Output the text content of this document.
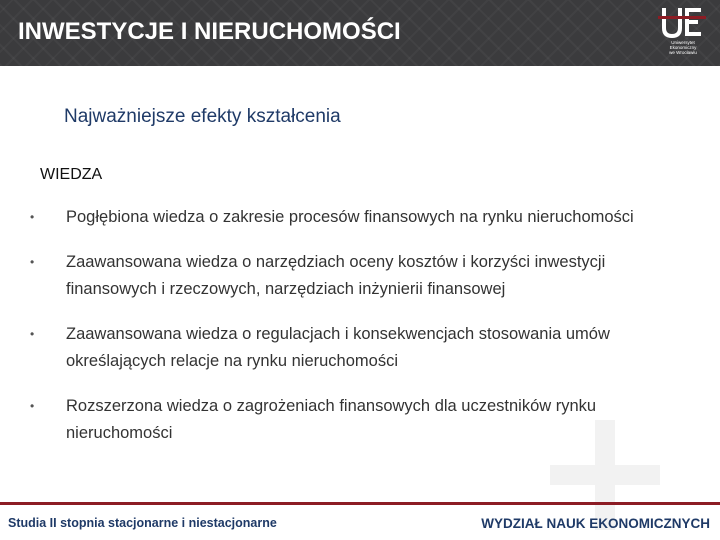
INWESTYCJE I NIERUCHOMOŚCI	Uniwersytet
Ekonomiczny
we Wrocławiu
Najważniejsze efekty kształcenia
WIEDZA
• Pogłębiona wiedza o zakresie procesów finansowych na rynku nieruchomości
• Zaawansowana wiedza o narzędziach oceny kosztów i korzyści inwestycji finansowych i rzeczowych, narzędziach inżynierii finansowej
• Zaawansowana wiedza o regulacjach i konsekwencjach stosowania umów określających relacje na rynku nieruchomości
• Rozszerzona wiedza o zagrożeniach finansowych dla uczestników rynku nieruchomości
Studia II stopnia stacjonarne i niestacjonarne	WYDZIAŁ NAUK EKONOMICZNYCH
